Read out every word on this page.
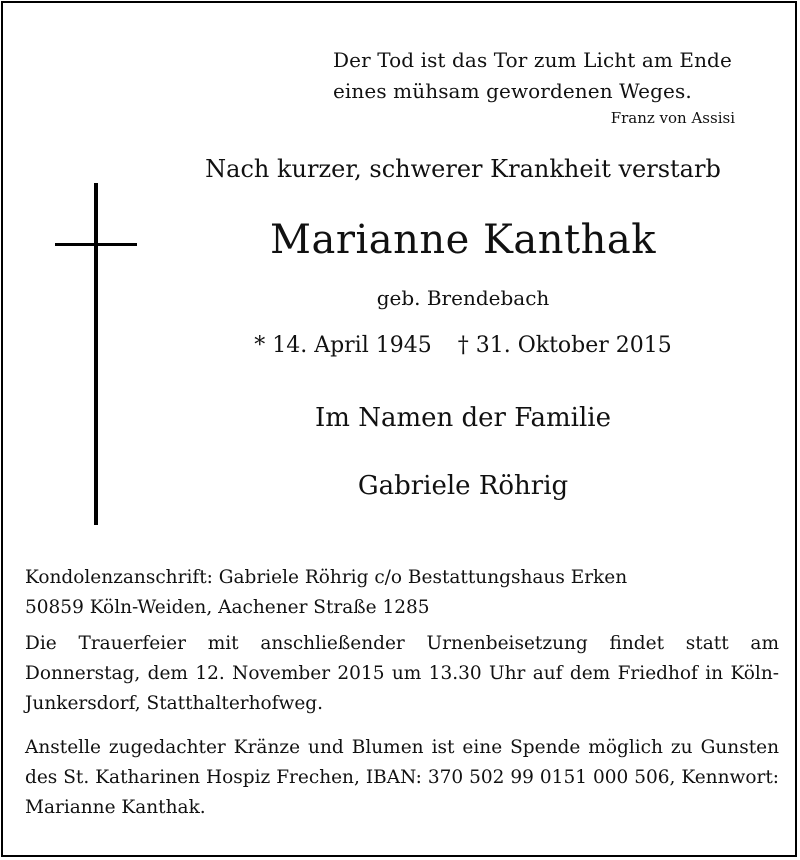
Der Tod ist das Tor zum Licht am Ende
eines mühsam gewordenen Weges.
Franz von Assisi
Nach kurzer, schwerer Krankheit verstarb
Marianne Kanthak
geb. Brendebach
* 14. April 1945 † 31. Oktober 2015
Im Namen der Familie
Gabriele Röhrig
Kondolenzanschrift: Gabriele Röhrig c/o Bestattungshaus Erken
50859 Köln-Weiden, Aachener Straße 1285
Die Trauerfeier mit anschließender Urnenbeisetzung findet statt am Donnerstag, dem 12. November 2015 um 13.30 Uhr auf dem Friedhof in Köln-Junkersdorf, Statthalterhofweg.
Anstelle zugedachter Kränze und Blumen ist eine Spende möglich zu Gunsten des St. Katharinen Hospiz Frechen, IBAN: 370 502 99 0151 000 506, Kennwort: Marianne Kanthak.
